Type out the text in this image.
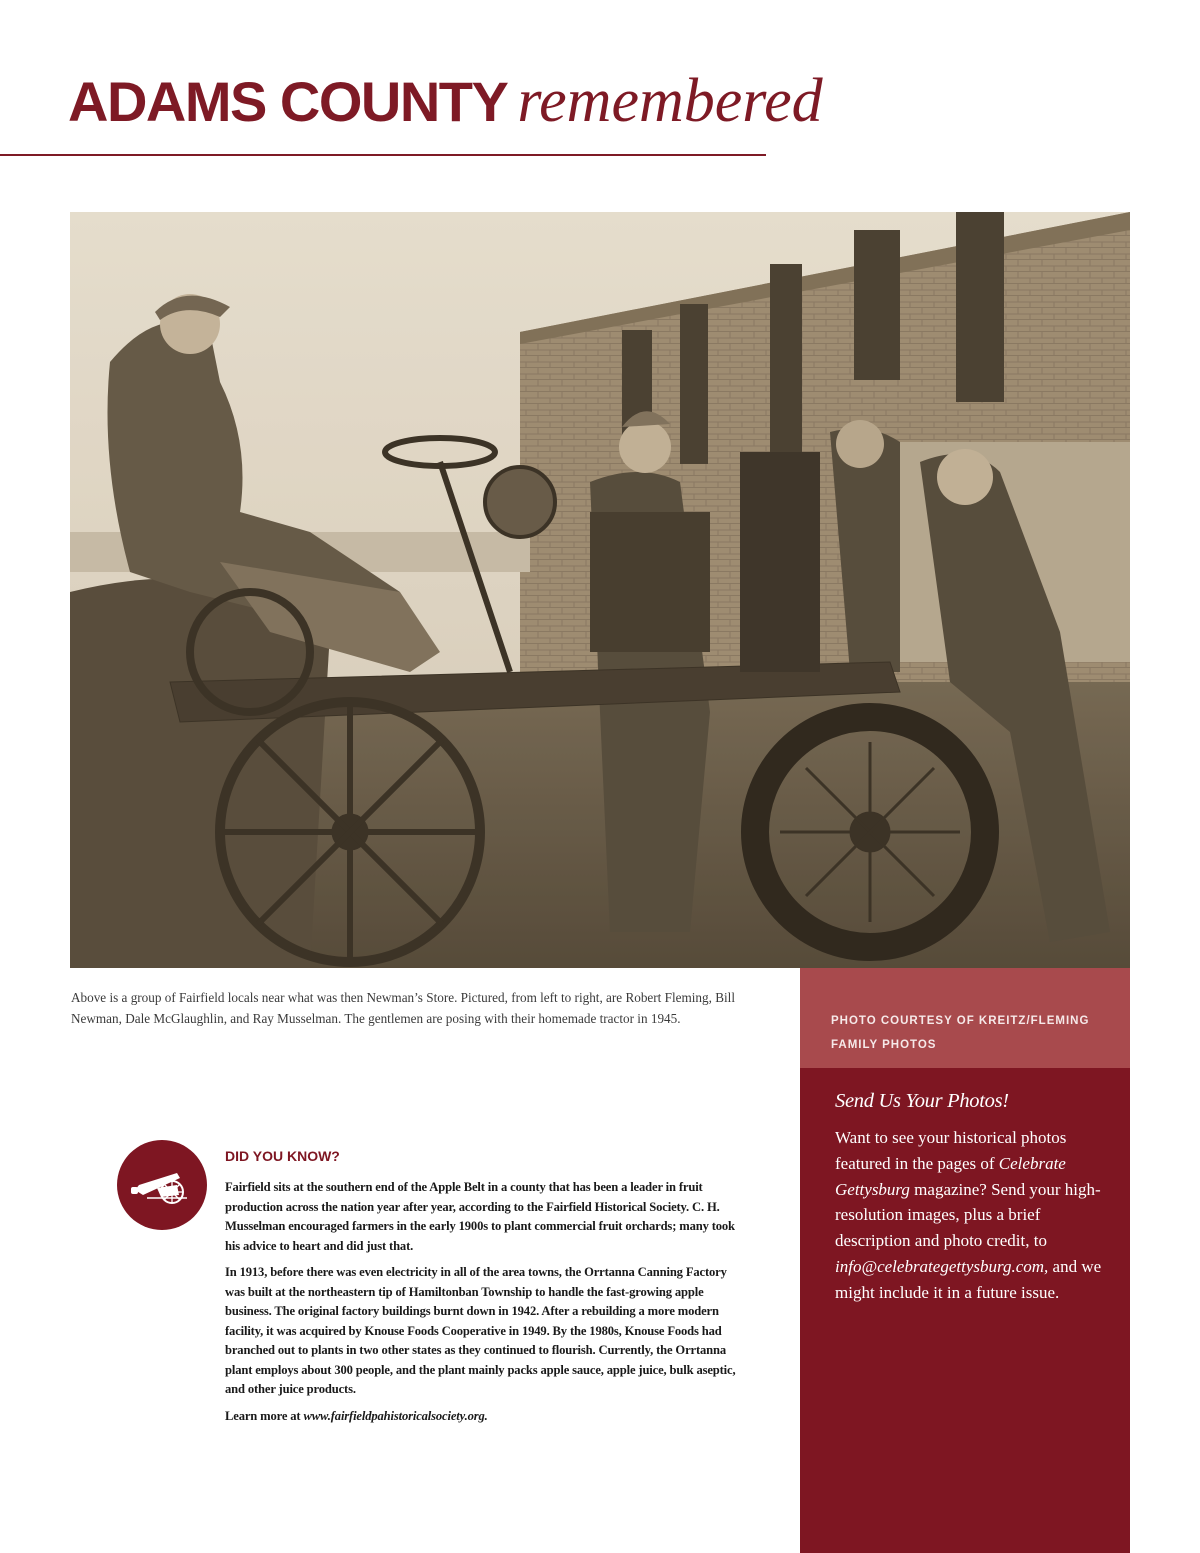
ADAMS COUNTY remembered
Above is a group of Fairfield locals near what was then Newman’s Store. Pictured, from left to right, are Robert Fleming, Bill Newman, Dale McGlaughlin, and Ray Musselman. The gentlemen are posing with their homemade tractor in 1945.	PHOTO COURTESY OF KREITZ/FLEMING
FAMILY PHOTOS
Send Us Your Photos!
Want to see your historical photos featured in the pages of Celebrate Gettysburg magazine? Send your high-resolution images, plus a brief description and photo credit, to info@celebrategettysburg.com, and we might include it in a future issue.
DID YOU KNOW?

Fairfield sits at the southern end of the Apple Belt in a county that has been a leader in fruit production across the nation year after year, according to the Fairfield Historical Society. C. H. Musselman encouraged farmers in the early 1900s to plant commercial fruit orchards; many took his advice to heart and did just that.

In 1913, before there was even electricity in all of the area towns, the Orrtanna Canning Factory was built at the northeastern tip of Hamiltonban Township to handle the fast-growing apple business. The original factory buildings burnt down in 1942. After a rebuilding a more modern facility, it was acquired by Knouse Foods Cooperative in 1949. By the 1980s, Knouse Foods had branched out to plants in two other states as they continued to flourish. Currently, the Orrtanna plant employs about 300 people, and the plant mainly packs apple sauce, apple juice, bulk aseptic, and other juice products.

Learn more at www.fairfieldpahistoricalsociety.org.
